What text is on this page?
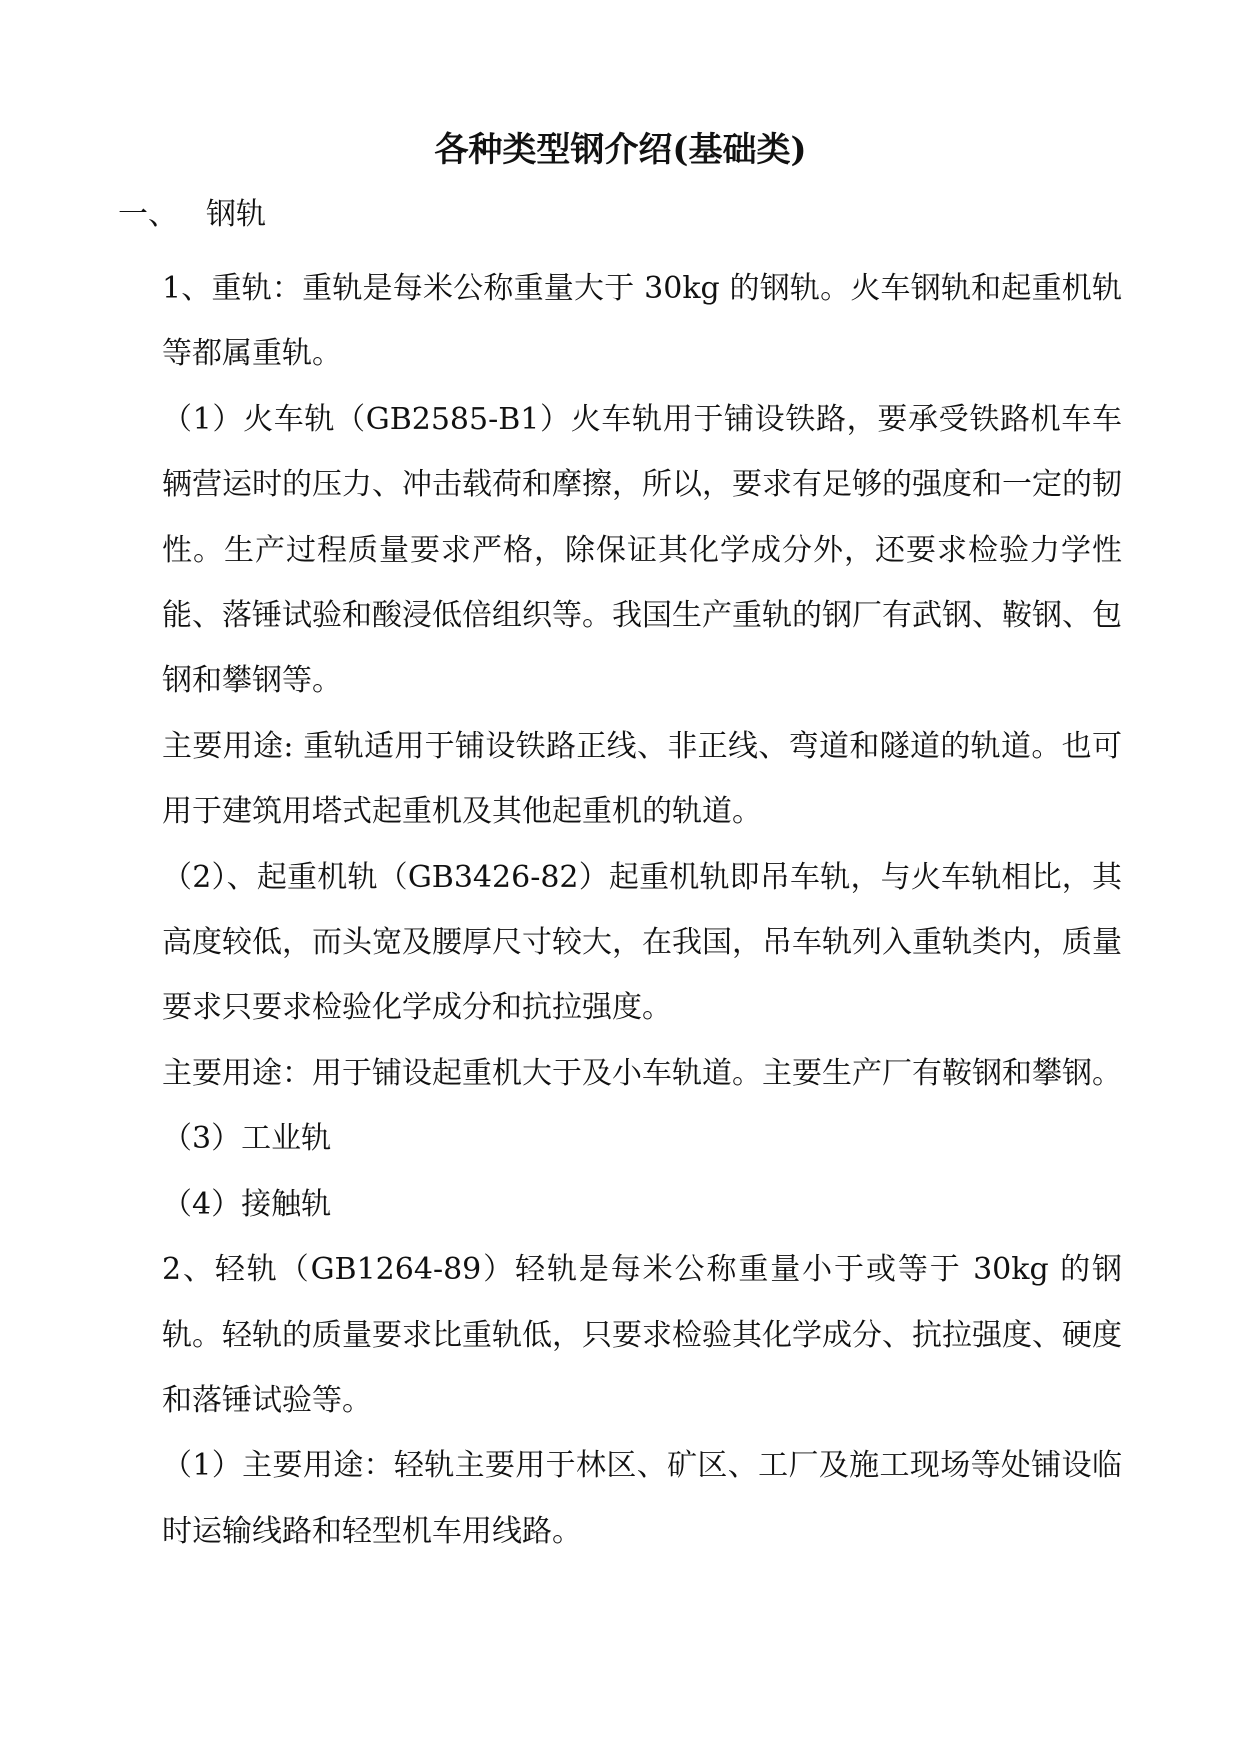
各种类型钢介绍(基础类)
一、 钢轨

1、重轨：重轨是每米公称重量大于 30kg 的钢轨。火车钢轨和起重机轨等都属重轨。

（1）火车轨（GB2585-B1）火车轨用于铺设铁路，要承受铁路机车车辆营运时的压力、冲击载荷和摩擦，所以，要求有足够的强度和一定的韧性。生产过程质量要求严格，除保证其化学成分外，还要求检验力学性能、落锤试验和酸浸低倍组织等。我国生产重轨的钢厂有武钢、鞍钢、包钢和攀钢等。

主要用途: 重轨适用于铺设铁路正线、非正线、弯道和隧道的轨道。也可用于建筑用塔式起重机及其他起重机的轨道。

（2）、起重机轨（GB3426-82）起重机轨即吊车轨，与火车轨相比，其高度较低，而头宽及腰厚尺寸较大，在我国，吊车轨列入重轨类内，质量要求只要求检验化学成分和抗拉强度。

主要用途：用于铺设起重机大于及小车轨道。主要生产厂有鞍钢和攀钢。

（3）工业轨

（4）接触轨

2、轻轨（GB1264-89）轻轨是每米公称重量小于或等于 30kg 的钢轨。轻轨的质量要求比重轨低，只要求检验其化学成分、抗拉强度、硬度和落锤试验等。

（1）主要用途：轻轨主要用于林区、矿区、工厂及施工现场等处铺设临时运输线路和轻型机车用线路。
